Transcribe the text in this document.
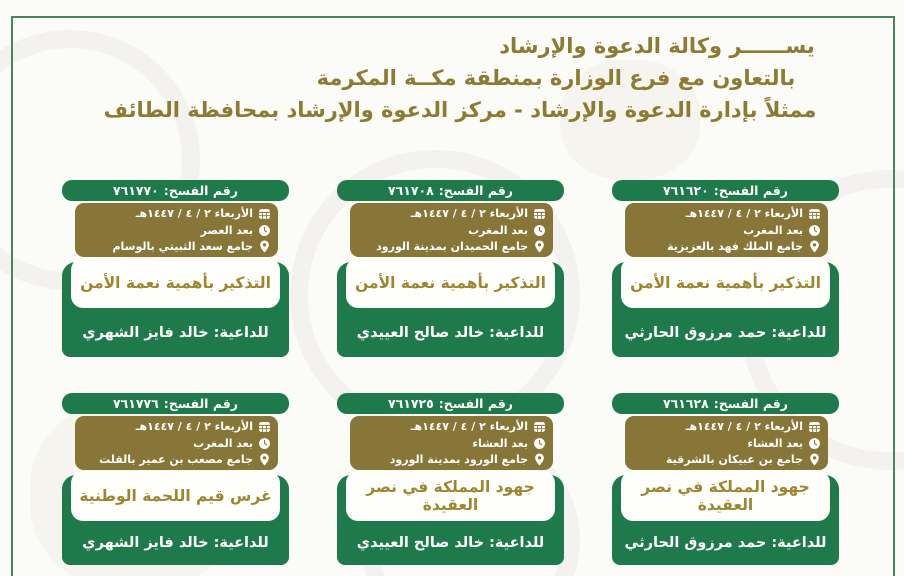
يســــــر وكالة الدعوة والإرشاد
بالتعاون مع فرع الوزارة بمنطقة مكــة المكرمة
ممثلاً بإدارة الدعوة والإرشاد - مركز الدعوة والإرشاد بمحافظة الطائف
رقم الفسح:
٧٦١٦٢٠
الأربعاء ٢ / ٤ / ١٤٤٧هـ
بعد المغرب
جامع الملك فهد بالعزيزية
التذكير بأهمية نعمة الأمن
للداعية: حمد مرزوق الحارثي
رقم الفسح:
٧٦١٧٠٨
الأربعاء ٢ / ٤ / ١٤٤٧هـ
بعد المغرب
جامع الحميدان بمدينة الورود
التذكير بأهمية نعمة الأمن
للداعية: خالد صالح العييدي
رقم الفسح:
٧٦١٧٧٠
الأربعاء ٢ / ٤ / ١٤٤٧هـ
بعد العصر
جامع سعد الثبيتي بالوسام
التذكير بأهمية نعمة الأمن
للداعية: خالد فايز الشهري
رقم الفسح:
٧٦١٦٢٨
الأربعاء ٢ / ٤ / ١٤٤٧هـ
بعد العشاء
جامع بن عبيكان بالشرقية
جهود المملكة في نصر العقيدة
للداعية: حمد مرزوق الحارثي
رقم الفسح:
٧٦١٧٢٥
الأربعاء ٢ / ٤ / ١٤٤٧هـ
بعد العشاء
جامع الورود بمدينة الورود
جهود المملكة في نصر العقيدة
للداعية: خالد صالح العييدي
رقم الفسح:
٧٦١٧٧٦
الأربعاء ٢ / ٤ / ١٤٤٧هـ
بعد المغرب
جامع مصعب بن عمير بالقلت
غرس قيم اللحمة الوطنية
للداعية: خالد فايز الشهري
